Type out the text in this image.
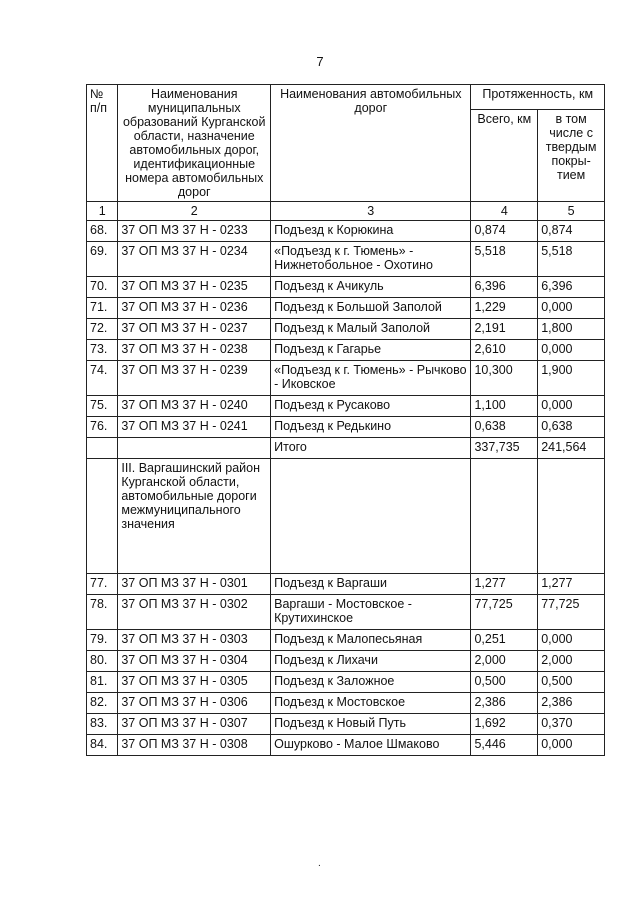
7
№ п/п	Наименования муниципальных образований Курганской области, назначение автомобильных дорог, идентификационные номера автомобильных дорог	Наименования автомобильных дорог	Протяженность, км	
			Всего, км	в том числе с твердым покры-тием
1	2	3	4	5
68.	37 ОП МЗ 37 Н - 0233	Подъезд к Корюкина	0,874	0,874
69.	37 ОП МЗ 37 Н - 0234	«Подъезд к г. Тюмень» - Нижнетобольное - Охотино	5,518	5,518
70.	37 ОП МЗ 37 Н - 0235	Подъезд к Ачикуль	6,396	6,396
71.	37 ОП МЗ 37 Н - 0236	Подъезд к Большой Заполой	1,229	0,000
72.	37 ОП МЗ 37 Н - 0237	Подъезд к Малый Заполой	2,191	1,800
73.	37 ОП МЗ 37 Н - 0238	Подъезд к Гагарье	2,610	0,000
74.	37 ОП МЗ 37 Н - 0239	«Подъезд к г. Тюмень» - Рычково - Иковское	10,300	1,900
75.	37 ОП МЗ 37 Н - 0240	Подъезд к Русаково	1,100	0,000
76.	37 ОП МЗ 37 Н - 0241	Подъезд к Редькино	0,638	0,638
		Итого	337,735	241,564
	III. Варгашинский район Курганской области, автомобильные дороги межмуниципального значения			
77.	37 ОП МЗ 37 Н - 0301	Подъезд к Варгаши	1,277	1,277
78.	37 ОП МЗ 37 Н - 0302	Варгаши - Мостовское - Крутихинское	77,725	77,725
79.	37 ОП МЗ 37 Н - 0303	Подъезд к Малопесьяная	0,251	0,000
80.	37 ОП МЗ 37 Н - 0304	Подъезд к Лихачи	2,000	2,000
81.	37 ОП МЗ 37 Н - 0305	Подъезд к Заложное	0,500	0,500
82.	37 ОП МЗ 37 Н - 0306	Подъезд к Мостовское	2,386	2,386
83.	37 ОП МЗ 37 Н - 0307	Подъезд к Новый Путь	1,692	0,370
84.	37 ОП МЗ 37 Н - 0308	Ошурково - Малое Шмаково	5,446	0,000
.
